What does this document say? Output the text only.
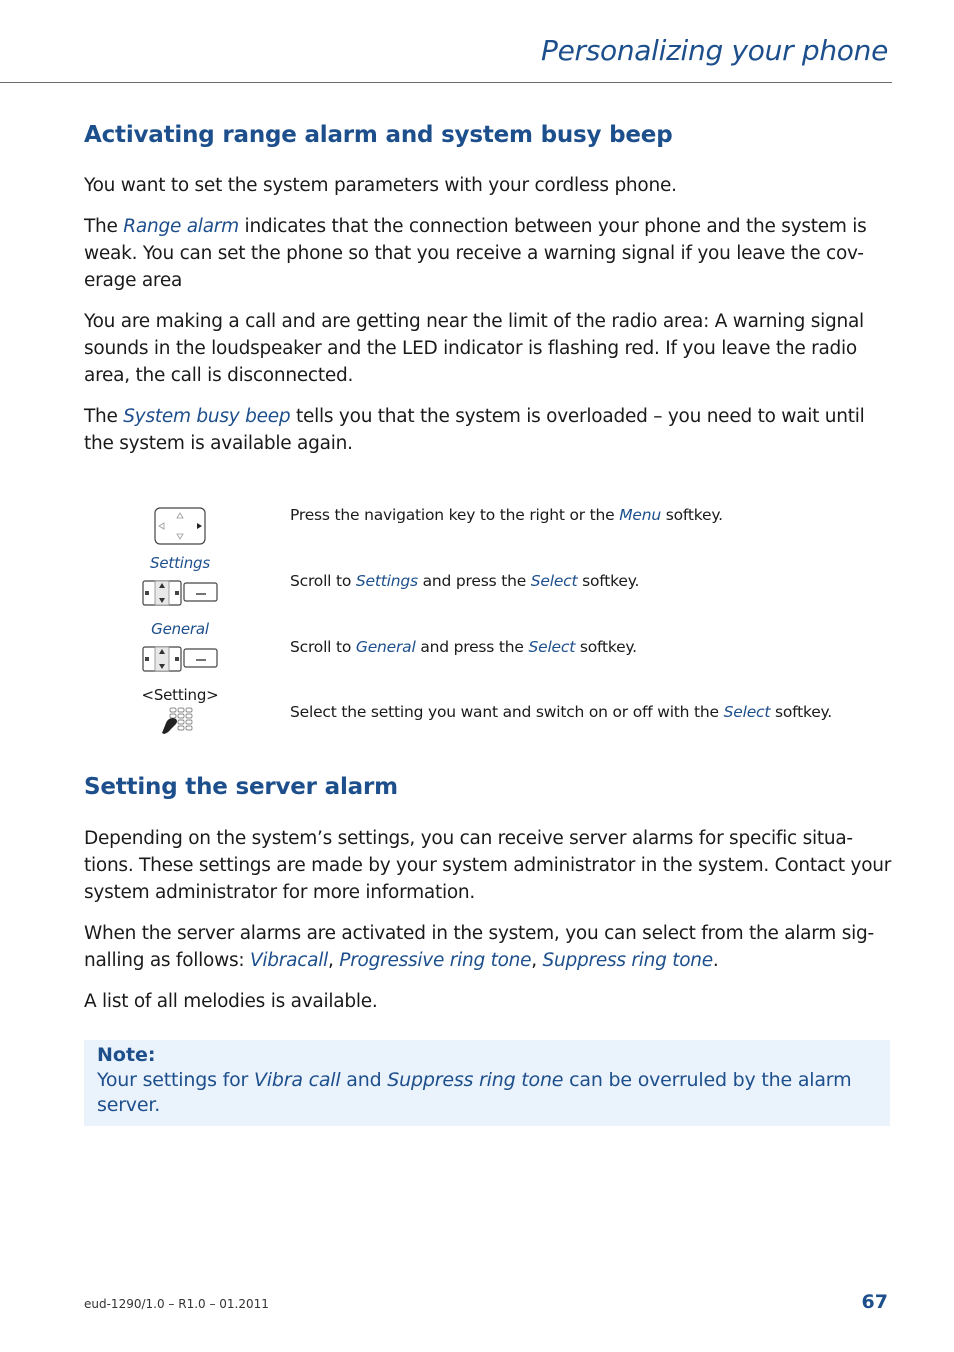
Personalizing your phone
Activating range alarm and system busy beep

You want to set the system parameters with your cordless phone.

The Range alarm indicates that the connection between your phone and the system is weak. You can set the phone so that you receive a warning signal if you leave the cov-erage area

You are making a call and are getting near the limit of the radio area: A warning signal sounds in the loudspeaker and the LED indicator is flashing red. If you leave the radio area, the call is disconnected.

The System busy beep tells you that the system is overloaded – you need to wait until the system is available again.

Settings
General
<Setting>

Press the navigation key to the right or the Menu softkey.

Scroll to Settings and press the Select softkey.

Scroll to General and press the Select softkey.

Select the setting you want and switch on or off with the Select softkey.

Setting the server alarm

Depending on the system’s settings, you can receive server alarms for specific situa-tions. These settings are made by your system administrator in the system. Contact your system administrator for more information.

When the server alarms are activated in the system, you can select from the alarm sig-nalling as follows: Vibracall, Progressive ring tone, Suppress ring tone.

A list of all melodies is available.

Note:

Your settings for Vibra call and Suppress ring tone can be overruled by the alarm server.

eud-1290/1.0 – R1.0 – 01.2011	67
